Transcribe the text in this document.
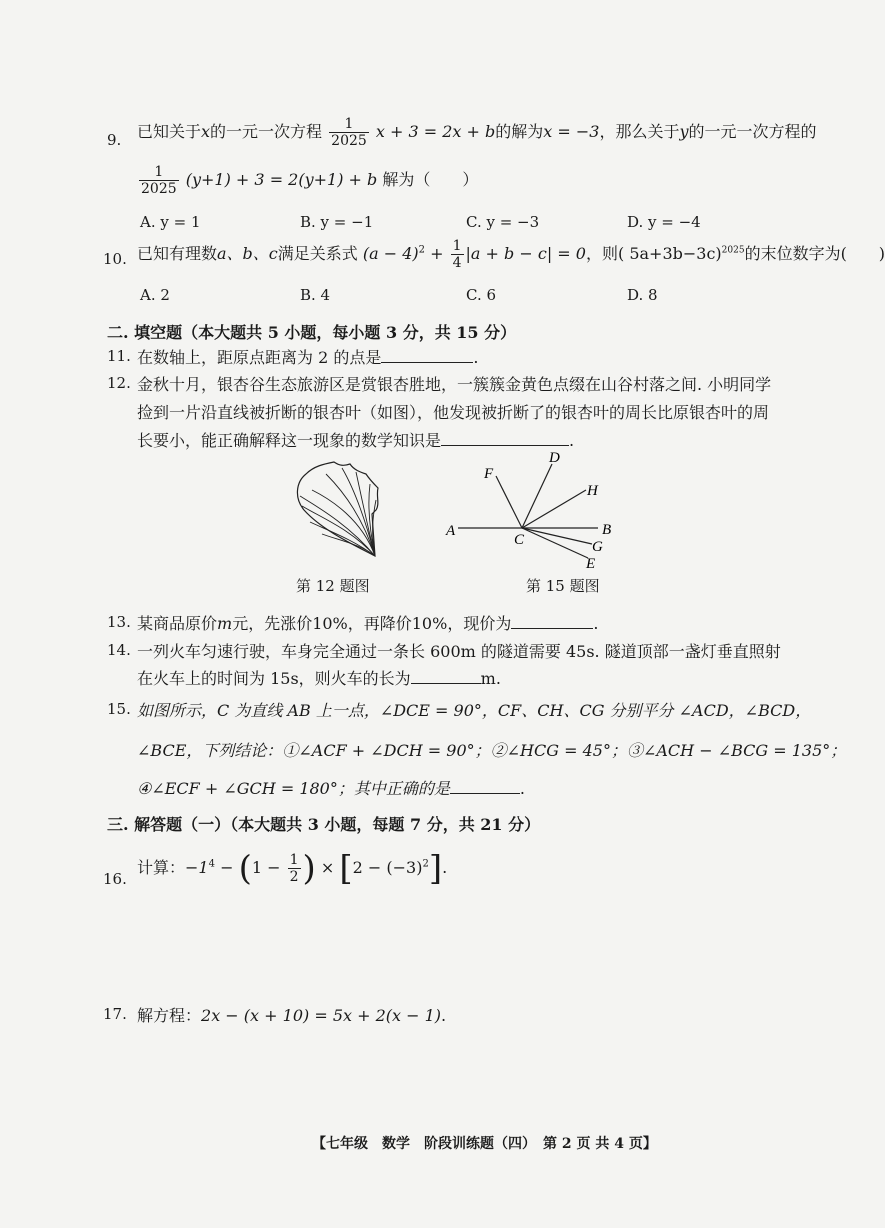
9. 已知关于x的一元一次方程 $\frac{1}{2025}$ x + 3 = 2x + b的解为x = −3，那么关于y的一元一次方程的
$\frac{1}{2025} (y+1) + 3 = 2(y+1) + b$ 解为（　　）
A. y = 1	B. y = −1	C. y = −3	D. y = −4
10. 已知有理数a、b、c满足关系式 $(a - 4)^2 + \frac{1}{4} |a + b - c| = 0$，则( 5a+3b−3c)$^{2025}$的末位数字为(　　)
A. 2	B. 4	C. 6	D. 8
二. 填空题（本大题共 5 小题，每小题 3 分，共 15 分）
11. 在数轴上，距原点距离为 2 的点是	.
12. 金秋十月，银杏谷生态旅游区是赏银杏胜地，一簇簇金黄色点缀在山谷村落之间. 小明同学
捡到一片沿直线被折断的银杏叶（如图），他发现被折断了的银杏叶的周长比原银杏叶的周
长要小，能正确解释这一现象的数学知识是	.
第 12 题图
F
D
H
A	B
C	G
E
第 15 题图
13. 某商品原价m元，先涨价10%，再降价10%，现价为	.
14. 一列火车匀速行驶，车身完全通过一条长 600m 的隧道需要 45s. 隧道顶部一盏灯垂直照射
在火车上的时间为 15s，则火车的长为	m.
15. 如图所示，C 为直线 AB 上一点，∠DCE = 90°，CF、CH、CG 分别平分 ∠ACD，∠BCD，
∠BCE，下列结论：①∠ACF + ∠DCH = 90°；②∠HCG = 45°；③∠ACH − ∠BCG = 135°；
④∠ECF + ∠GCH = 180°；其中正确的是	.
三. 解答题（一）（本大题共 3 小题，每题 7 分，共 21 分）
16.
计算：$-1^4 - (1 - \frac{1}{2}$ ) × $[2 - (-3)^2]$.
17. 解方程：2x − (x + 10) = 5x + 2(x − 1).
【七年级　数学　阶段训练题（四）　第 2 页 共 4 页】
